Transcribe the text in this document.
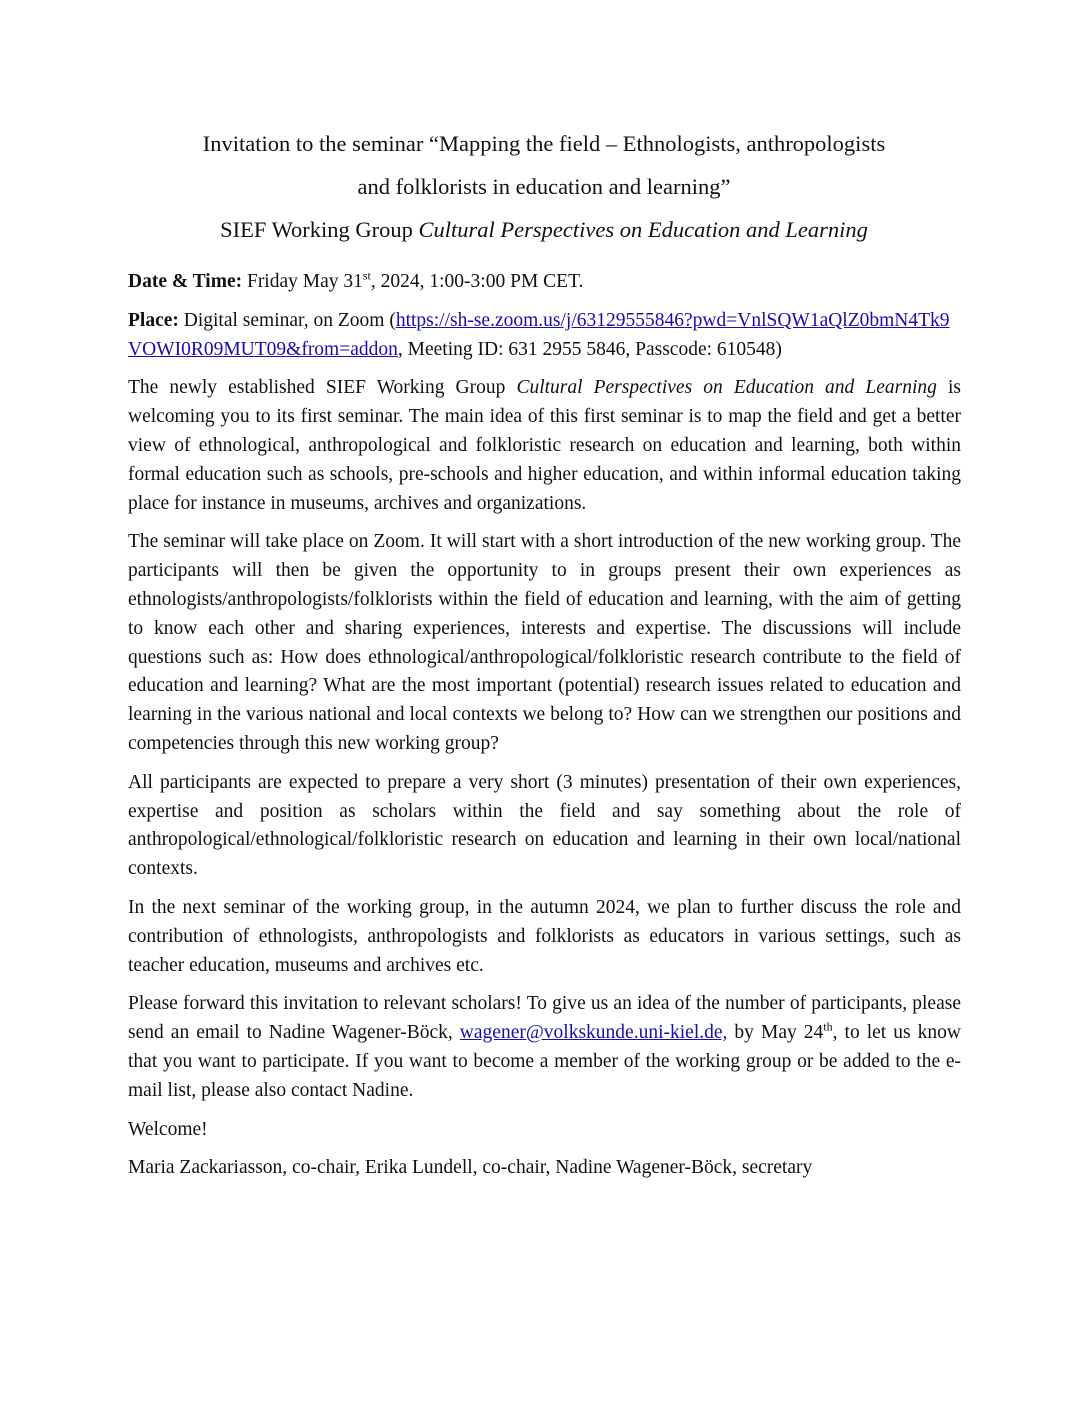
Invitation to the seminar “Mapping the field – Ethnologists, anthropologists

and folklorists in education and learning”

SIEF Working Group Cultural Perspectives on Education and Learning

Date & Time: Friday May 31st, 2024, 1:00-3:00 PM CET.

Place: Digital seminar, on Zoom (https://sh-se.zoom.us/j/63129555846?pwd=VnlSQW1aQlZ0bmN4Tk9VOWI0R09MUT09&from=addon, Meeting ID: 631 2955 5846, Passcode: 610548)

The newly established SIEF Working Group Cultural Perspectives on Education and Learning is welcoming you to its first seminar. The main idea of this first seminar is to map the field and get a better view of ethnological, anthropological and folkloristic research on education and learning, both within formal education such as schools, pre-schools and higher education, and within informal education taking place for instance in museums, archives and organizations.

The seminar will take place on Zoom. It will start with a short introduction of the new working group. The participants will then be given the opportunity to in groups present their own experiences as ethnologists/anthropologists/folklorists within the field of education and learning, with the aim of getting to know each other and sharing experiences, interests and expertise. The discussions will include questions such as: How does ethnological/anthropological/folkloristic research contribute to the field of education and learning? What are the most important (potential) research issues related to education and learning in the various national and local contexts we belong to? How can we strengthen our positions and competencies through this new working group?

All participants are expected to prepare a very short (3 minutes) presentation of their own experiences, expertise and position as scholars within the field and say something about the role of anthropological/ethnological/folkloristic research on education and learning in their own local/national contexts.

In the next seminar of the working group, in the autumn 2024, we plan to further discuss the role and contribution of ethnologists, anthropologists and folklorists as educators in various settings, such as teacher education, museums and archives etc.

Please forward this invitation to relevant scholars! To give us an idea of the number of participants, please send an email to Nadine Wagener-Böck, wagener@volkskunde.uni-kiel.de, by May 24th, to let us know that you want to participate. If you want to become a member of the working group or be added to the e-mail list, please also contact Nadine.

Welcome!

Maria Zackariasson, co-chair, Erika Lundell, co-chair, Nadine Wagener-Böck, secretary
